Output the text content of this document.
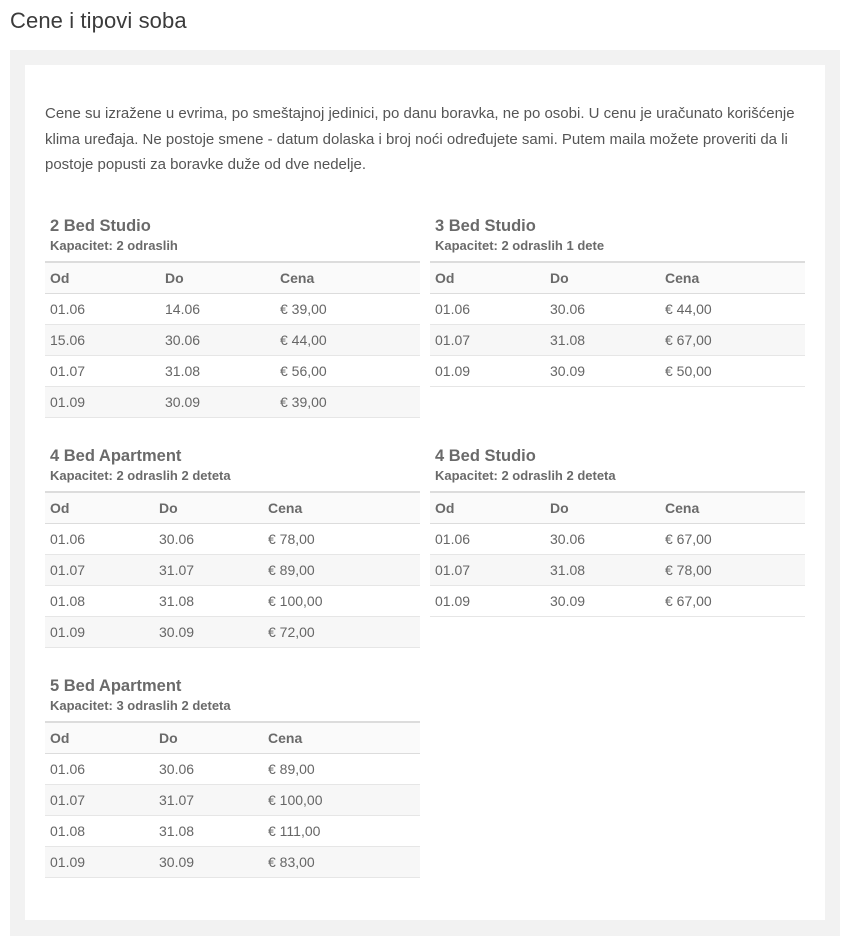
Cene i tipovi soba

Cene su izražene u evrima, po smeštajnoj jedinici, po danu boravka, ne po osobi. U cenu je uračunato korišćenje klima uređaja. Ne postoje smene - datum dolaska i broj noći određujete sami. Putem maila možete proveriti da li postoje popusti za boravke duže od dve nedelje.

2 Bed Studio

Kapacitet: 2 odraslih

Od	Do	Cena
01.06	14.06	€ 39,00
15.06	30.06	€ 44,00
01.07	31.08	€ 56,00
01.09	30.09	€ 39,00
3 Bed Studio

Kapacitet: 2 odraslih 1 dete

Od	Do	Cena
01.06	30.06	€ 44,00
01.07	31.08	€ 67,00
01.09	30.09	€ 50,00
4 Bed Apartment

Kapacitet: 2 odraslih 2 deteta

Od	Do	Cena
01.06	30.06	€ 78,00
01.07	31.07	€ 89,00
01.08	31.08	€ 100,00
01.09	30.09	€ 72,00
4 Bed Studio

Kapacitet: 2 odraslih 2 deteta

Od	Do	Cena
01.06	30.06	€ 67,00
01.07	31.08	€ 78,00
01.09	30.09	€ 67,00
5 Bed Apartment

Kapacitet: 3 odraslih 2 deteta

Od	Do	Cena
01.06	30.06	€ 89,00
01.07	31.07	€ 100,00
01.08	31.08	€ 111,00
01.09	30.09	€ 83,00
